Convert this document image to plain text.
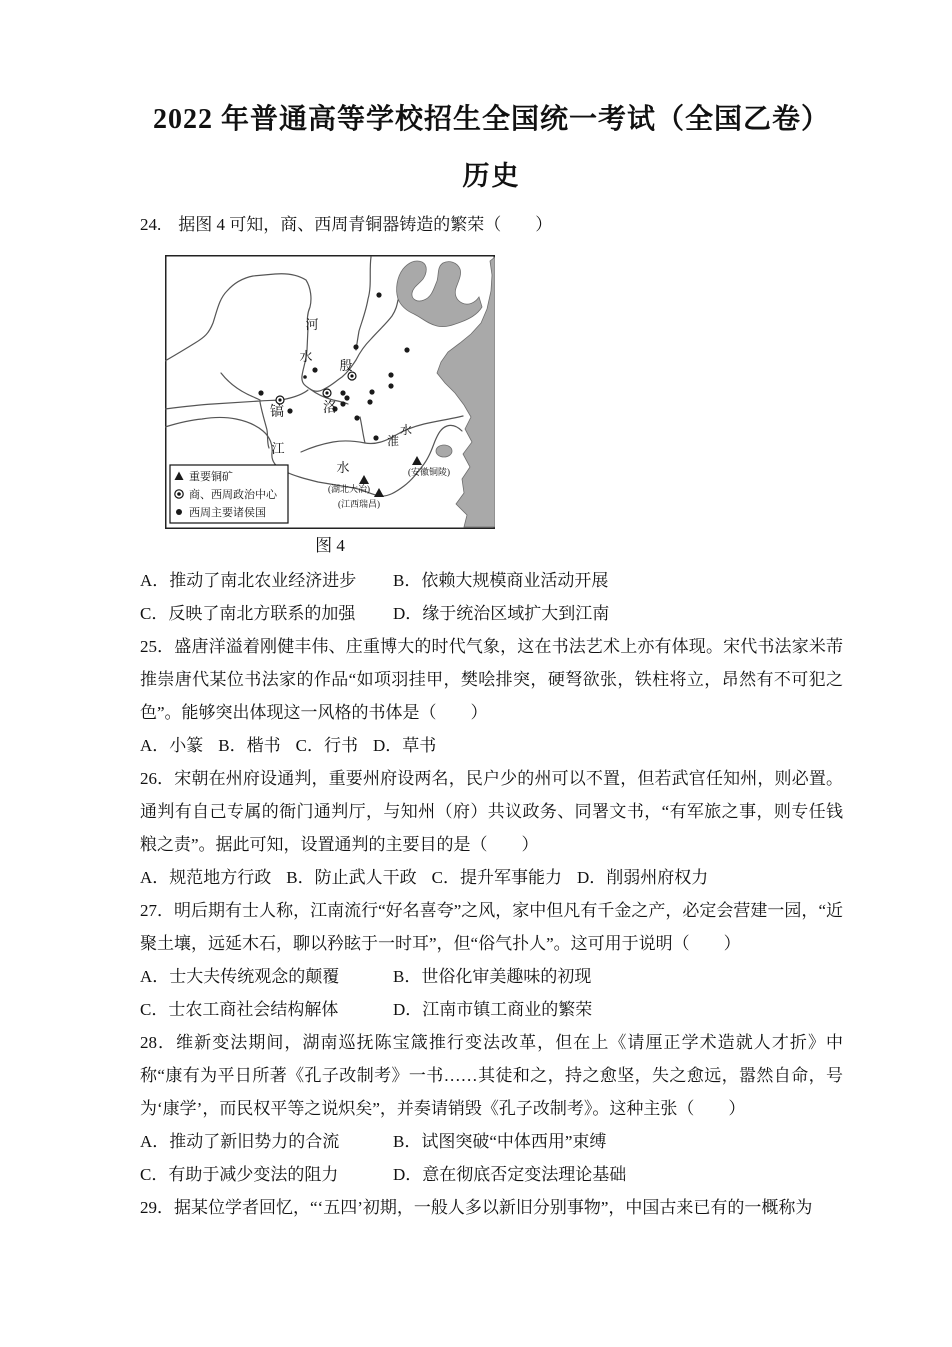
2022 年普通高等学校招生全国统一考试（全国乙卷）
历史

24.　据图 4 可知，商、西周青铜器铸造的繁荣（　　）

河
水
殷
洛
镐
淮
水
江
水	(安徽铜陵)
(湖北大冶)
(江西瑞昌)
重要铜矿
商、西周政治中心
西周主要诸侯国
图 4
A．推动了南北农业经济进步	B．依赖大规模商业活动开展
C．反映了南北方联系的加强	D．缘于统治区域扩大到江南

25．盛唐洋溢着刚健丰伟、庄重博大的时代气象，这在书法艺术上亦有体现。宋代书法家米芾推崇唐代某位书法家的作品“如项羽挂甲，樊哙排突，硬弩欲张，铁柱将立，昂然有不可犯之色”。能够突出体现这一风格的书体是（　　）

A．小篆 B．楷书 C．行书 D．草书

26．宋朝在州府设通判，重要州府设两名，民户少的州可以不置，但若武官任知州，则必置。通判有自己专属的衙门通判厅，与知州（府）共议政务、同署文书，“有军旅之事，则专任钱粮之责”。据此可知，设置通判的主要目的是（　　）

A．规范地方行政 B．防止武人干政 C．提升军事能力 D．削弱州府权力

27．明后期有士人称，江南流行“好名喜夸”之风，家中但凡有千金之产，必定会营建一园，“近聚土壤，远延木石，聊以矜眩于一时耳”，但“俗气扑人”。这可用于说明（　　）

A．士大夫传统观念的颠覆	B．世俗化审美趣味的初现
C．士农工商社会结构解体	D．江南市镇工商业的繁荣

28．维新变法期间，湖南巡抚陈宝箴推行变法改革，但在上《请厘正学术造就人才折》中称“康有为平日所著《孔子改制考》一书……其徒和之，持之愈坚，失之愈远，嚣然自命，号为‘康学’，而民权平等之说炽矣”，并奏请销毁《孔子改制考》。这种主张（　　）

A．推动了新旧势力的合流	B．试图突破“中体西用”束缚
C．有助于减少变法的阻力	D．意在彻底否定变法理论基础

29．据某位学者回忆，“‘五四’初期，一般人多以新旧分别事物”，中国古来已有的一概称为
